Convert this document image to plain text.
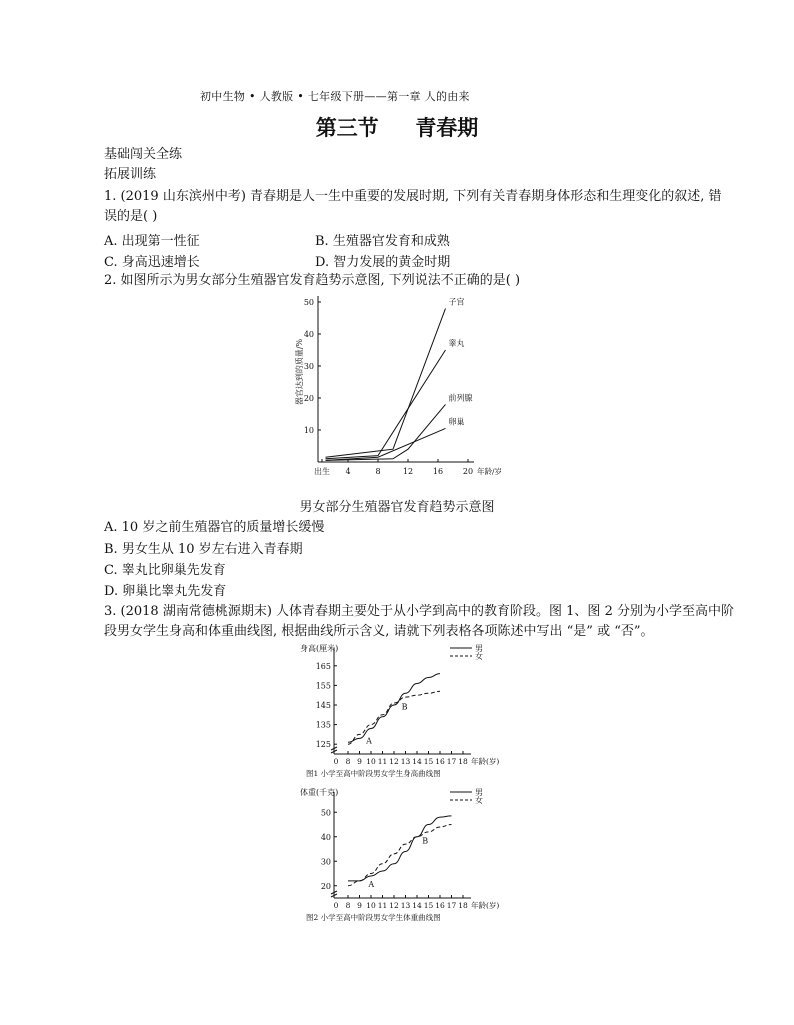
初中生物 • 人教版 • 七年级下册——第一章 人的由来
第三节 青春期
基础闯关全练
拓展训练
1. (2019 山东滨州中考) 青春期是人一生中重要的发展时期, 下列有关青春期身体形态和生理变化的叙述, 错
误的是( )
A. 出现第一性征	B. 生殖器官发育和成熟
C. 身高迅速增长	D. 智力发展的黄金时期
2. 如图所示为男女部分生殖器官发育趋势示意图, 下列说法不正确的是( )
器官达到的质量/%
10
20
30
40
50
出生 4	8	12 16 20 年龄/岁
子宫
睾丸
前列腺
卵巢
男女部分生殖器官发育趋势示意图
A. 10 岁之前生殖器官的质量增长缓慢
B. 男女生从 10 岁左右进入青春期
C. 睾丸比卵巢先发育
D. 卵巢比睾丸先发育
3. (2018 湖南常德桃源期末) 人体青春期主要处于从小学到高中的教育阶段。图 1、图 2 分别为小学至高中阶
段男女学生身高和体重曲线图, 根据曲线所示含义, 请就下列表格各项陈述中写出 “是” 或 “否”。
身高(厘米)
125
135
145
155
165
0 8 9 10 11 12 13 14 15 16 17 18 年龄(岁)
男
女
A
B
图1 小学至高中阶段男女学生身高曲线图
体重(千克)
20
30
40
50
0 8 9 10 11 12 13 14 15 16 17 18 年龄(岁)
男
女
A
B
图2 小学至高中阶段男女学生体重曲线图
